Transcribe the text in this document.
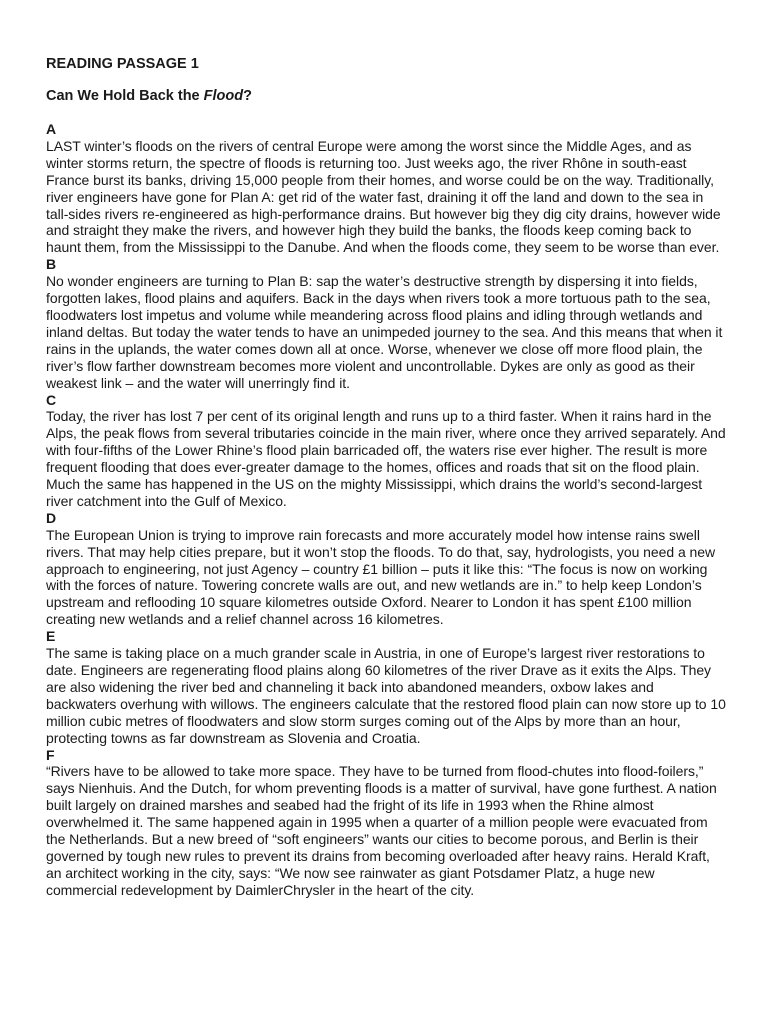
READING PASSAGE 1

Can We Hold Back the Flood?

A

LAST winter’s floods on the rivers of central Europe were among the worst since the Middle Ages, and as winter storms return, the spectre of floods is returning too. Just weeks ago, the river Rhône in south-east France burst its banks, driving 15,000 people from their homes, and worse could be on the way. Traditionally, river engineers have gone for Plan A: get rid of the water fast, draining it off the land and down to the sea in tall-sides rivers re-engineered as high-performance drains. But however big they dig city drains, however wide and straight they make the rivers, and however high they build the banks, the floods keep coming back to haunt them, from the Mississippi to the Danube. And when the floods come, they seem to be worse than ever.

B

No wonder engineers are turning to Plan B: sap the water’s destructive strength by dispersing it into fields, forgotten lakes, flood plains and aquifers. Back in the days when rivers took a more tortuous path to the sea, floodwaters lost impetus and volume while meandering across flood plains and idling through wetlands and inland deltas. But today the water tends to have an unimpeded journey to the sea. And this means that when it rains in the uplands, the water comes down all at once. Worse, whenever we close off more flood plain, the river’s flow farther downstream becomes more violent and uncontrollable. Dykes are only as good as their weakest link – and the water will unerringly find it.

C

Today, the river has lost 7 per cent of its original length and runs up to a third faster. When it rains hard in the Alps, the peak flows from several tributaries coincide in the main river, where once they arrived separately. And with four-fifths of the Lower Rhine’s flood plain barricaded off, the waters rise ever higher. The result is more frequent flooding that does ever-greater damage to the homes, offices and roads that sit on the flood plain. Much the same has happened in the US on the mighty Mississippi, which drains the world’s second-largest river catchment into the Gulf of Mexico.

D

The European Union is trying to improve rain forecasts and more accurately model how intense rains swell rivers. That may help cities prepare, but it won’t stop the floods. To do that, say, hydrologists, you need a new approach to engineering, not just Agency – country £1 billion – puts it like this: “The focus is now on working with the forces of nature. Towering concrete walls are out, and new wetlands are in.” to help keep London’s upstream and reflooding 10 square kilometres outside Oxford. Nearer to London it has spent £100 million creating new wetlands and a relief channel across 16 kilometres.

E

The same is taking place on a much grander scale in Austria, in one of Europe’s largest river restorations to date. Engineers are regenerating flood plains along 60 kilometres of the river Drave as it exits the Alps. They are also widening the river bed and channeling it back into abandoned meanders, oxbow lakes and backwaters overhung with willows. The engineers calculate that the restored flood plain can now store up to 10 million cubic metres of floodwaters and slow storm surges coming out of the Alps by more than an hour, protecting towns as far downstream as Slovenia and Croatia.

F

“Rivers have to be allowed to take more space. They have to be turned from flood-chutes into flood-foilers,” says Nienhuis. And the Dutch, for whom preventing floods is a matter of survival, have gone furthest. A nation built largely on drained marshes and seabed had the fright of its life in 1993 when the Rhine almost overwhelmed it. The same happened again in 1995 when a quarter of a million people were evacuated from the Netherlands. But a new breed of “soft engineers” wants our cities to become porous, and Berlin is their governed by tough new rules to prevent its drains from becoming overloaded after heavy rains. Herald Kraft, an architect working in the city, says: “We now see rainwater as giant Potsdamer Platz, a huge new commercial redevelopment by DaimlerChrysler in the heart of the city.
